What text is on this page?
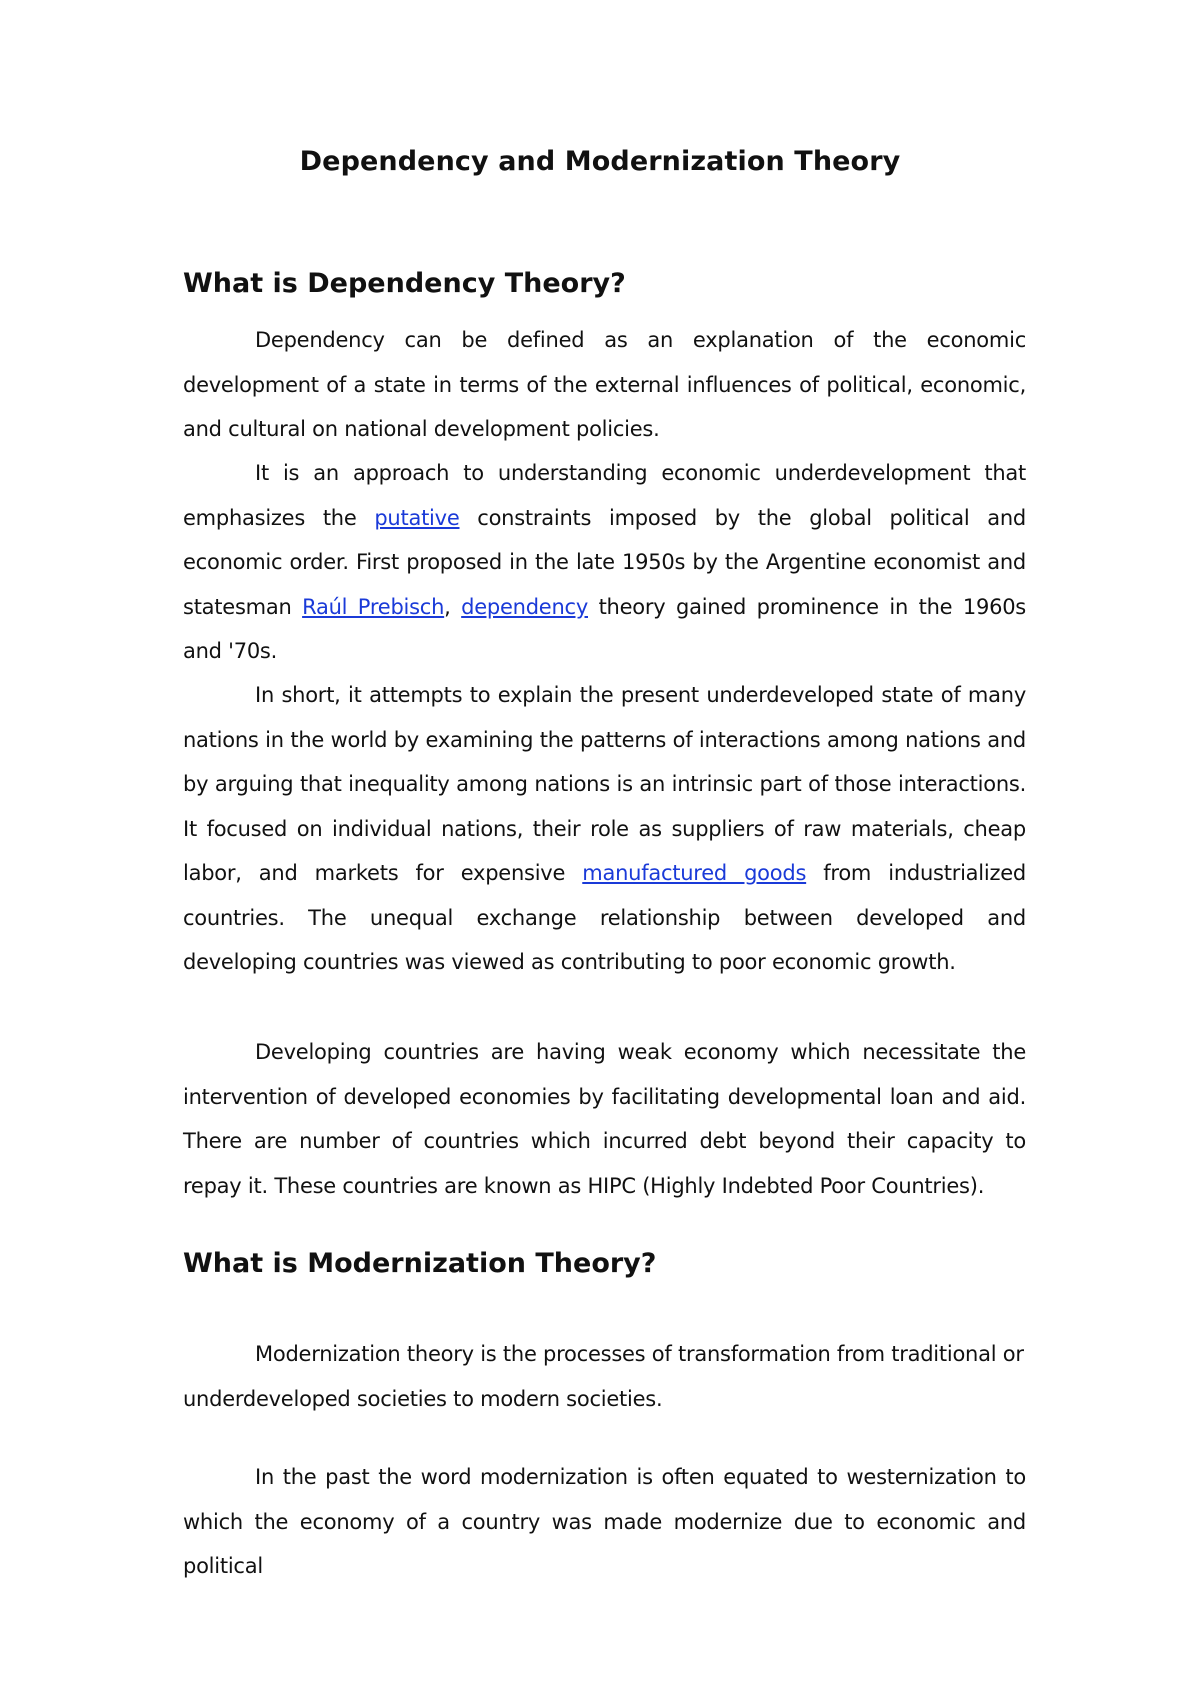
Dependency and Modernization Theory
What is Dependency Theory?

Dependency can be defined as an explanation of the economic development of a state in terms of the external influences of political, economic, and cultural on national development policies.

It is an approach to understanding economic underdevelopment that emphasizes the putative constraints imposed by the global political and economic order. First proposed in the late 1950s by the Argentine economist and statesman Raúl Prebisch, dependency theory gained prominence in the 1960s and '70s.

In short, it attempts to explain the present underdeveloped state of many nations in the world by examining the patterns of interactions among nations and by arguing that inequality among nations is an intrinsic part of those interactions. It focused on individual nations, their role as suppliers of raw materials, cheap labor, and markets for expensive manufactured goods from industrialized countries. The unequal exchange relationship between developed and developing countries was viewed as contributing to poor economic growth.

Developing countries are having weak economy which necessitate the intervention of developed economies by facilitating developmental loan and aid. There are number of countries which incurred debt beyond their capacity to repay it. These countries are known as HIPC (Highly Indebted Poor Countries).

What is Modernization Theory?

Modernization theory is the processes of transformation from traditional or underdeveloped societies to modern societies.

In the past the word modernization is often equated to westernization to which the economy of a country was made modernize due to economic and political
